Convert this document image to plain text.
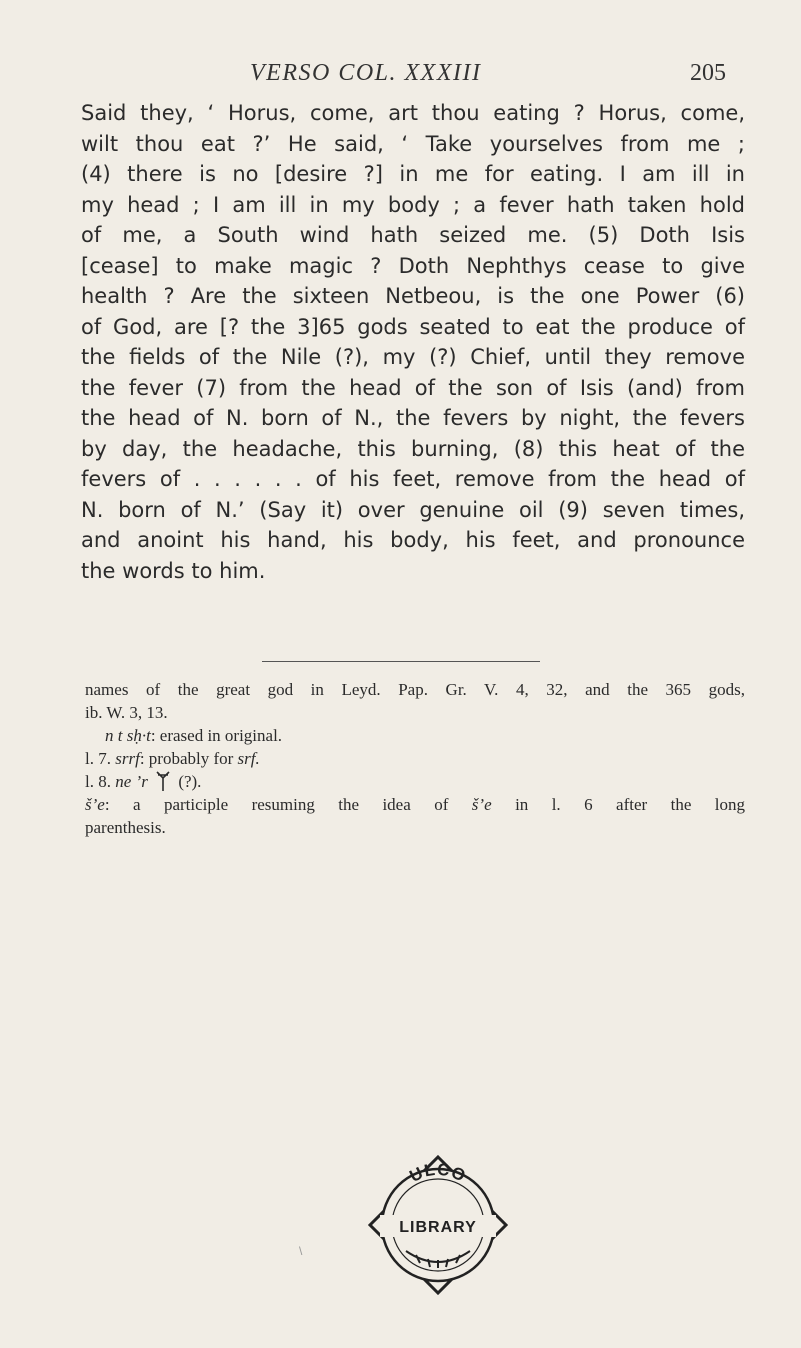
VERSO COL. XXXIII	205
Said they, ‘ Horus, come, art thou eating ? Horus, come,
wilt thou eat ?’ He said, ‘ Take yourselves from me ;
(4) there is no [desire ?] in me for eating. I am ill in
my head ; I am ill in my body ; a fever hath taken hold
of me, a South wind hath seized me. (5) Doth Isis
[cease] to make magic ? Doth Nephthys cease to give
health ? Are the sixteen Netbeou, is the one Power (6)
of God, are [? the 3]65 gods seated to eat the produce of
the fields of the Nile (?), my (?) Chief, until they remove
the fever (7) from the head of the son of Isis (and) from
the head of N. born of N., the fevers by night, the fevers
by day, the headache, this burning, (8) this heat of the
fevers of . . . . . . of his feet, remove from the head of
N. born of N.’ (Say it) over genuine oil (9) seven times,
and anoint his hand, his body, his feet, and pronounce
the words to him.
names of the great god in Leyd. Pap. Gr. V. 4, 32, and the 365 gods,
ib. W. 3, 13.
n t sḥ·t: erased in original.
l. 7. srrf: probably for srf.
l. 8. ne ’r (?).
š’e: a participle resuming the idea of š’e in l. 6 after the long
parenthesis.
\
ULCO
LIBRARY
